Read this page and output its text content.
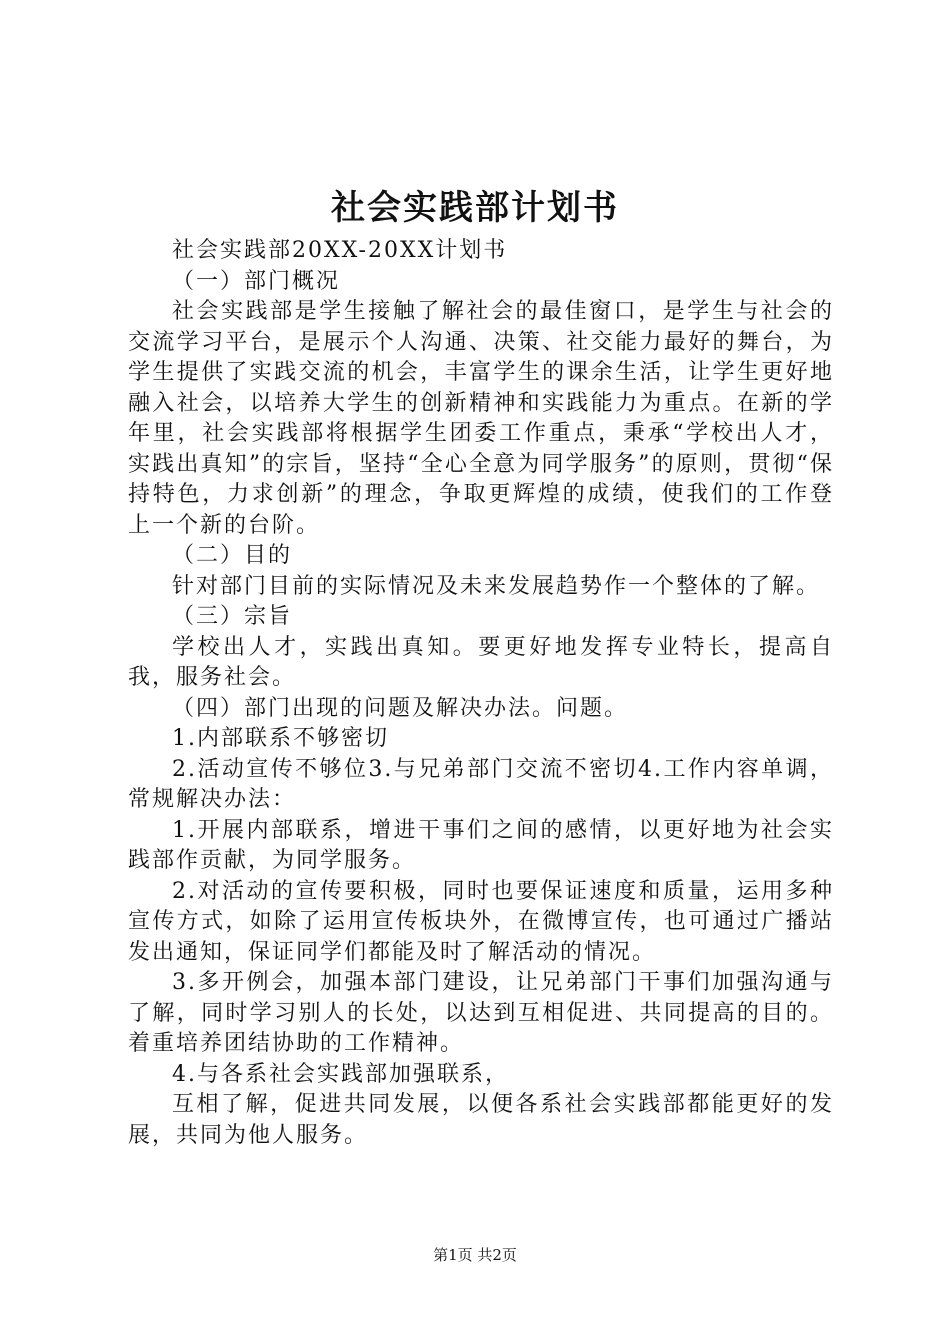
社会实践部计划书

社会实践部20XX-20XX计划书

（一）部门概况

社会实践部是学生接触了解社会的最佳窗口，是学生与社会的交流学习平台，是展示个人沟通、决策、社交能力最好的舞台，为学生提供了实践交流的机会，丰富学生的课余生活，让学生更好地融入社会，以培养大学生的创新精神和实践能力为重点。在新的学年里，社会实践部将根据学生团委工作重点，秉承“学校出人才，实践出真知”的宗旨，坚持“全心全意为同学服务”的原则，贯彻“保持特色，力求创新”的理念，争取更辉煌的成绩，使我们的工作登上一个新的台阶。

（二）目的

针对部门目前的实际情况及未来发展趋势作一个整体的了解。

（三）宗旨

学校出人才，实践出真知。要更好地发挥专业特长，提高自我，服务社会。

（四）部门出现的问题及解决办法。问题。

1.内部联系不够密切

2.活动宣传不够位3.与兄弟部门交流不密切4.工作内容单调，常规解决办法：

1.开展内部联系，增进干事们之间的感情，以更好地为社会实践部作贡献，为同学服务。

2.对活动的宣传要积极，同时也要保证速度和质量，运用多种宣传方式，如除了运用宣传板块外，在微博宣传，也可通过广播站发出通知，保证同学们都能及时了解活动的情况。

3.多开例会，加强本部门建设，让兄弟部门干事们加强沟通与了解，同时学习别人的长处，以达到互相促进、共同提高的目的。着重培养团结协助的工作精神。

4.与各系社会实践部加强联系，

互相了解，促进共同发展，以便各系社会实践部都能更好的发展，共同为他人服务。

第1页 共2页
